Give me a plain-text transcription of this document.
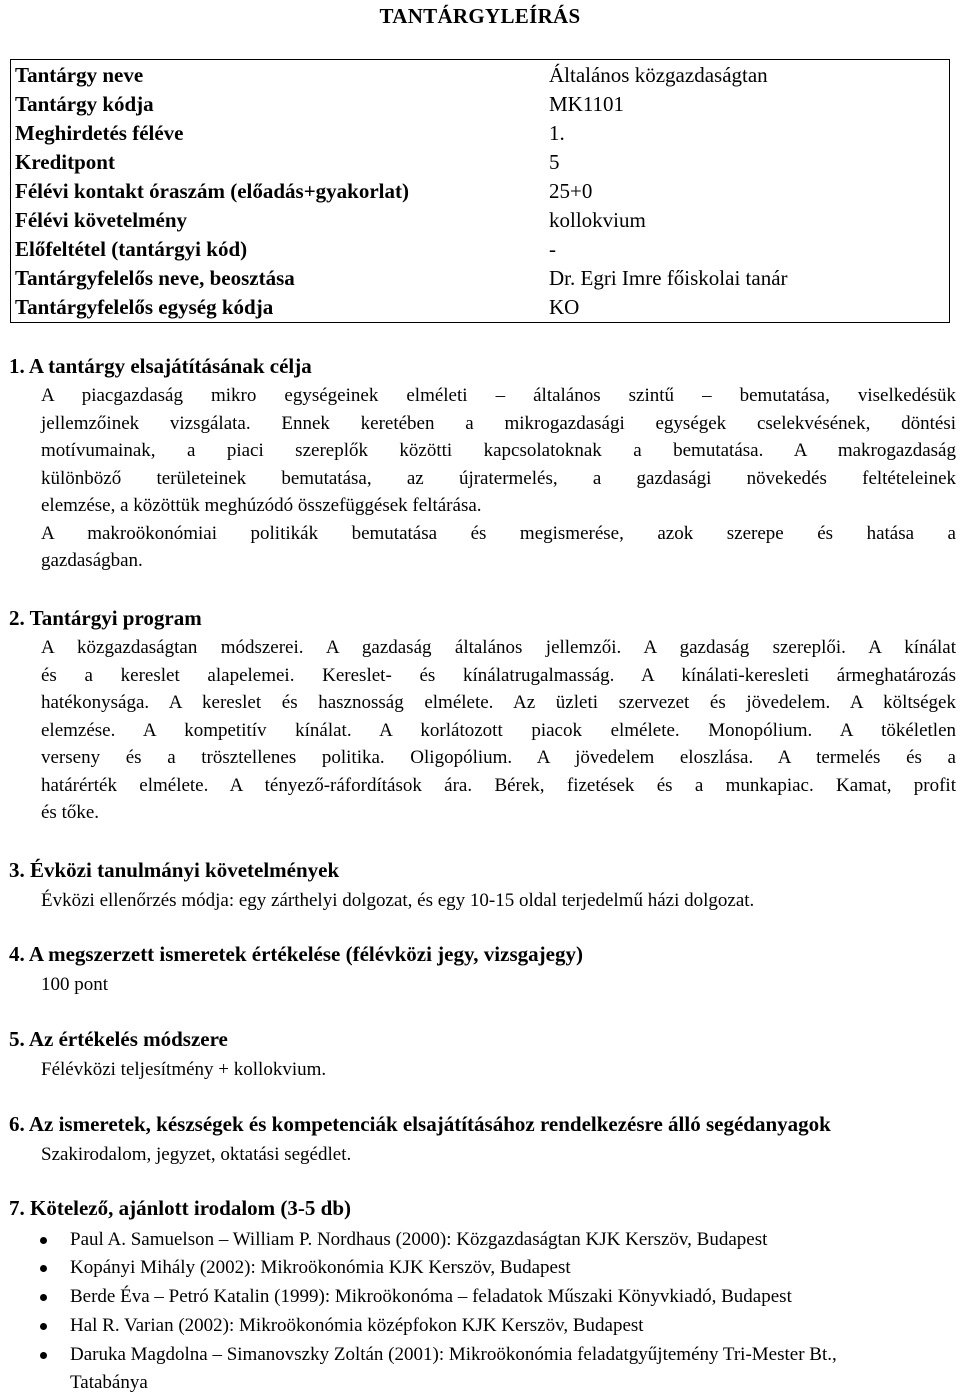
TANTÁRGYLEÍRÁS
Tantárgy neve	Általános közgazdaságtan
Tantárgy kódja	MK1101
Meghirdetés féléve	1.
Kreditpont	5
Félévi kontakt óraszám (előadás+gyakorlat)	25+0
Félévi követelmény	kollokvium
Előfeltétel (tantárgyi kód)	-
Tantárgyfelelős neve, beosztása	Dr. Egri Imre főiskolai tanár
Tantárgyfelelős egység kódja	KO
1. A tantárgy elsajátításának célja
A piacgazdaság mikro egységeinek elméleti – általános szintű – bemutatása, viselkedésük
jellemzőinek vizsgálata. Ennek keretében a mikrogazdasági egységek cselekvésének, döntési
motívumainak, a piaci szereplők közötti kapcsolatoknak a bemutatása. A makrogazdaság
különböző területeinek bemutatása, az újratermelés, a gazdasági növekedés feltételeinek
elemzése, a közöttük meghúzódó összefüggések feltárása.
A makroökonómiai politikák bemutatása és megismerése, azok szerepe és hatása a
gazdaságban.
2. Tantárgyi program
A közgazdaságtan módszerei. A gazdaság általános jellemzői. A gazdaság szereplői. A kínálat
és a kereslet alapelemei. Kereslet- és kínálatrugalmasság. A kínálati-keresleti ármeghatározás
hatékonysága. A kereslet és hasznosság elmélete. Az üzleti szervezet és jövedelem. A költségek
elemzése. A kompetitív kínálat. A korlátozott piacok elmélete. Monopólium. A tökéletlen
verseny és a trösztellenes politika. Oligopólium. A jövedelem eloszlása. A termelés és a
határérték elmélete. A tényező-ráfordítások ára. Bérek, fizetések és a munkapiac. Kamat, profit
és tőke.
3. Évközi tanulmányi követelmények
Évközi ellenőrzés módja: egy zárthelyi dolgozat, és egy 10-15 oldal terjedelmű házi dolgozat.
4. A megszerzett ismeretek értékelése (félévközi jegy, vizsgajegy)
100 pont
5. Az értékelés módszere
Félévközi teljesítmény + kollokvium.
6. Az ismeretek, készségek és kompetenciák elsajátításához rendelkezésre álló segédanyagok
Szakirodalom, jegyzet, oktatási segédlet.
7. Kötelező, ajánlott irodalom (3-5 db)
Paul A. Samuelson – William P. Nordhaus (2000): Közgazdaságtan KJK Kerszöv, Budapest
Kopányi Mihály (2002): Mikroökonómia KJK Kerszöv, Budapest
Berde Éva – Petró Katalin (1999): Mikroökonóma – feladatok Műszaki Könyvkiadó, Budapest
Hal R. Varian (2002): Mikroökonómia középfokon KJK Kerszöv, Budapest
Daruka Magdolna – Simanovszky Zoltán (2001): Mikroökonómia feladatgyűjtemény Tri-Mester Bt.,
Tatabánya
